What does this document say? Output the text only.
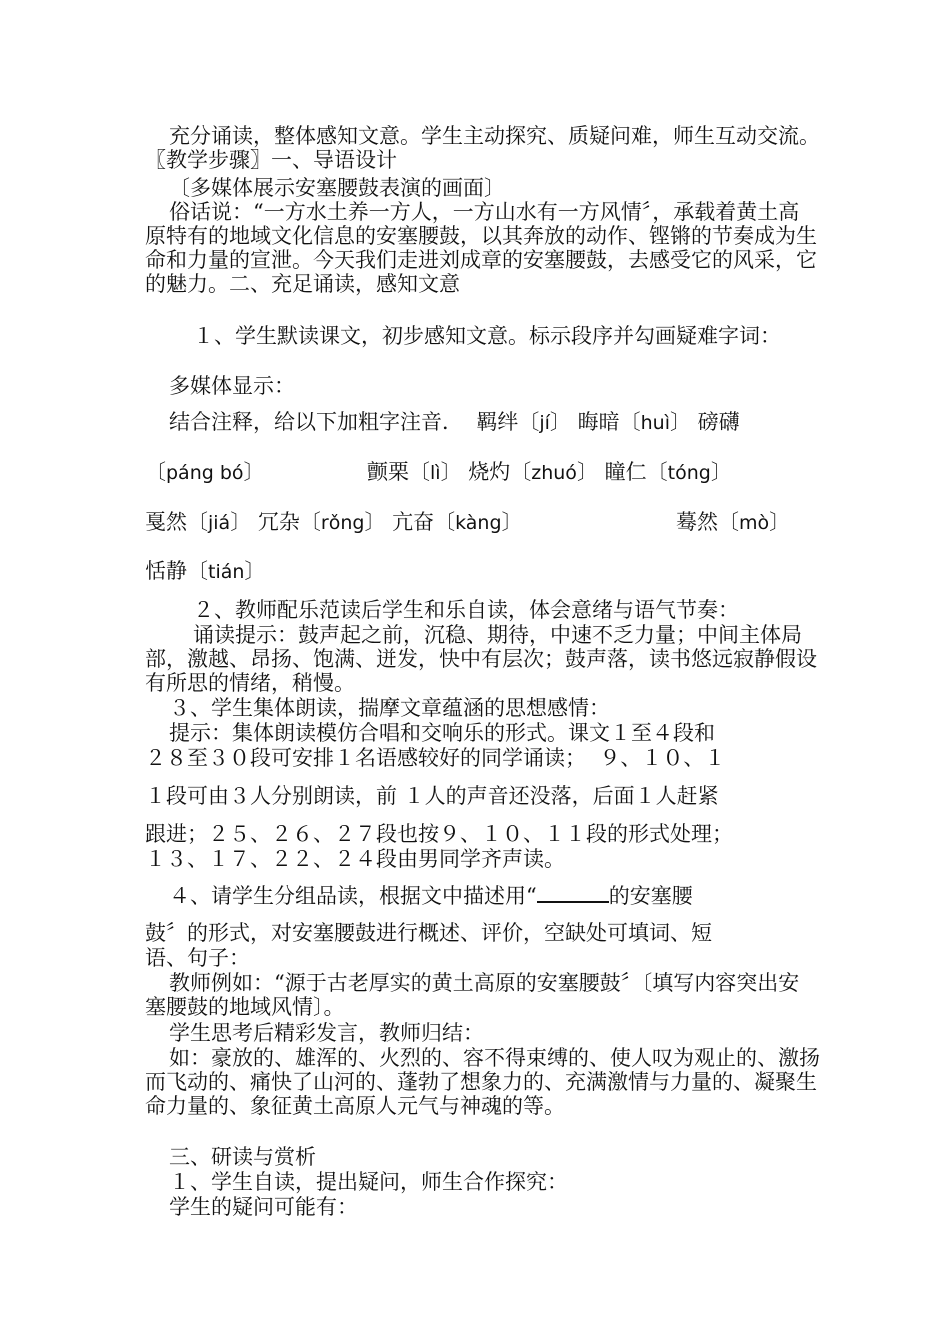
充分诵读，整体感知文意。学生主动探究、质疑问难，师生互动交流。〖教学步骤〗一、导语设计

〔多媒体展示安塞腰鼓表演的画面〕

俗话说：“一方水土养一方人，一方山水有一方风情〞，承载着黄土高原特有的地域文化信息的安塞腰鼓，以其奔放的动作、铿锵的节奏成为生命和力量的宣泄。今天我们走进刘成章的安塞腰鼓，去感受它的风采，它的魅力。二、充足诵读，感知文意

１、学生默读课文，初步感知文意。标示段序并勾画疑难字词：

多媒体显示：

结合注释，给以下加粗字注音． 羁绊〔jí〕 晦暗〔huì〕 磅礴
〔páng bó〕	颤栗〔lì〕 烧灼〔zhuó〕 瞳仁〔tóng〕
戛然〔jiá〕 冗杂〔rǒng〕 亢奋〔kàng〕	蓦然〔mò〕
恬静〔tián〕

２、教师配乐范读后学生和乐自读，体会意绪与语气节奏：

诵读提示：鼓声起之前，沉稳、期待，中速不乏力量；中间主体局部，激越、昂扬、饱满、迸发，快中有层次；鼓声落，读书悠远寂静假设有所思的情绪，稍慢。

３、学生集体朗读，揣摩文章蕴涵的思想感情：

提示：集体朗读模仿合唱和交响乐的形式。课文１至４段和
２８至３０段可安排１名语感较好的同学诵读；  ９、１０、１
１段可由３人分别朗读，前 １人的声音还没落，后面１人赶紧
跟进；２５、２６、２７段也按９、１０、１１段的形式处理；
１３、１７、２２、２４段由男同学齐声读。
４、请学生分组品读，根据文中描述用“	的安塞腰
鼓〞的形式，对安塞腰鼓进行概述、评价，空缺处可填词、短
语、句子：

教师例如：“源于古老厚实的黄土高原的安塞腰鼓〞〔填写内容突出安塞腰鼓的地域风情〕。

学生思考后精彩发言，教师归结：

如：豪放的、雄浑的、火烈的、容不得束缚的、使人叹为观止的、激扬而飞动的、痛快了山河的、蓬勃了想象力的、充满激情与力量的、凝聚生命力量的、象征黄土高原人元气与神魂的等。

三、研读与赏析

１、学生自读，提出疑问，师生合作探究：

学生的疑问可能有：
